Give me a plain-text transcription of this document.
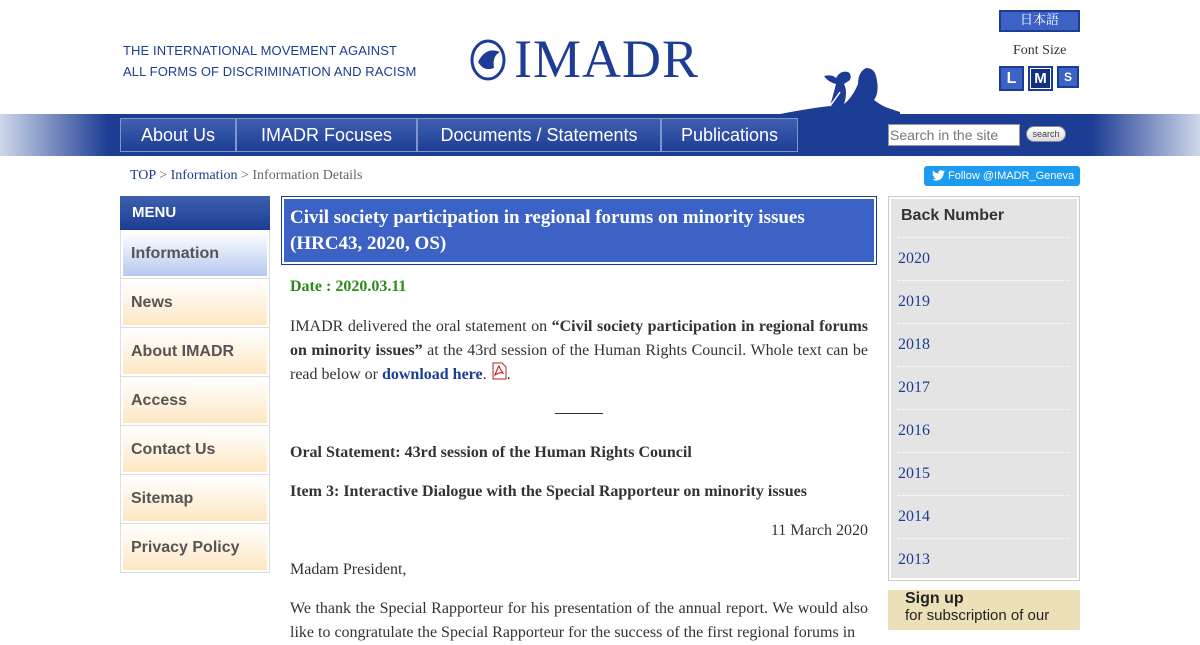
THE INTERNATIONAL MOVEMENT AGAINST
ALL FORMS OF DISCRIMINATION AND RACISM IMADR
日本語
Font Size
L	M	S
About Us	IMADR Focuses	Documents / Statements	Publications	Search in the site	search
TOP > Information > Information Details	Follow @IMADR_Geneva
MENU
Information
News
About IMADR
Access
Contact Us
Sitemap
Privacy Policy
Civil society participation in regional forums on minority issues (HRC43, 2020, OS)
Date : 2020.03.11
IMADR delivered the oral statement on “Civil society participation in regional forums on minority issues” at the 43rd session of the Human Rights Council. Whole text can be read below or download here. .
Oral Statement: 43rd session of the Human Rights Council
Item 3: Interactive Dialogue with the Special Rapporteur on minority issues
11 March 2020
Madam President,
We thank the Special Rapporteur for his presentation of the annual report. We would also like to congratulate the Special Rapporteur for the success of the first regional forums in
Back Number
2020
2019
2018
2017
2016
2015
2014
2013
Sign up
for subscription of our
